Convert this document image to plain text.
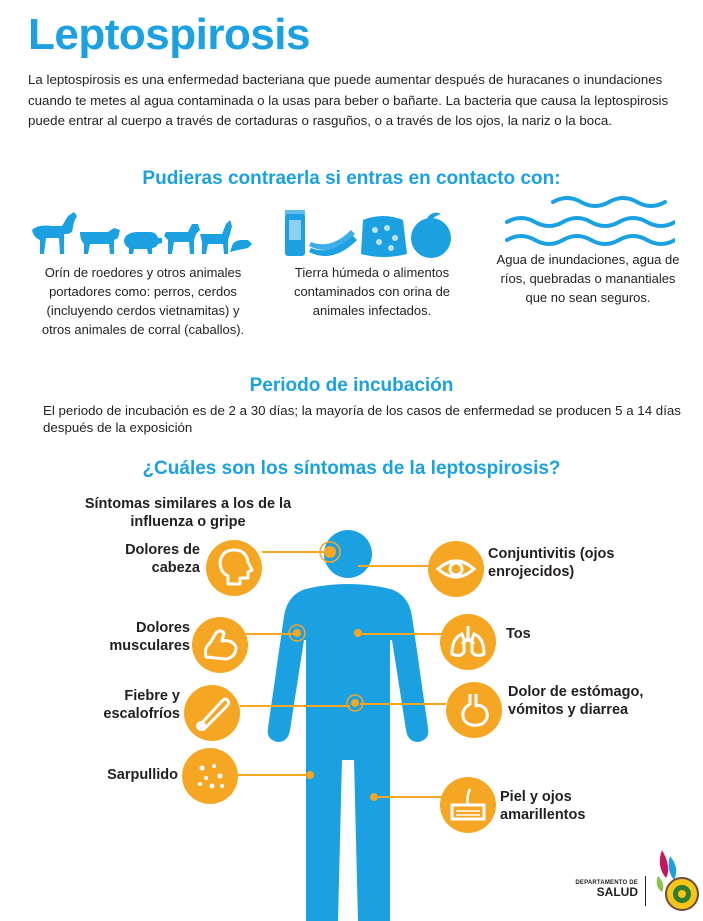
Leptospirosis

La leptospirosis es una enfermedad bacteriana que puede aumentar después de huracanes o inundaciones cuando te metes al agua contaminada o la usas para beber o bañarte. La bacteria que causa la leptospirosis puede entrar al cuerpo a través de cortaduras o rasguños, o a través de los ojos, la nariz o la boca.

Pudieras contraerla si entras en contacto con:

Orín de roedores y otros animales portadores como: perros, cerdos (incluyendo cerdos vietnamitas) y otros animales de corral (caballos).

Tierra húmeda o alimentos contaminados con orina de animales infectados.

Agua de inundaciones, agua de ríos, quebradas o manantiales que no sean seguros.

Periodo de incubación

El periodo de incubación es de 2 a 30 días; la mayoría de los casos de enfermedad se producen 5 a 14 días después de la exposición

¿Cuáles son los síntomas de la leptospirosis?

Síntomas similares a los de la influenza o gripe

Dolores de cabeza

Dolores musculares

Fiebre y escalofríos

Sarpullido

Conjuntivitis (ojos enrojecidos)

Tos

Dolor de estómago, vómitos y diarrea

Piel y ojos amarillentos

DEPARTAMENTO DE
SALUD
